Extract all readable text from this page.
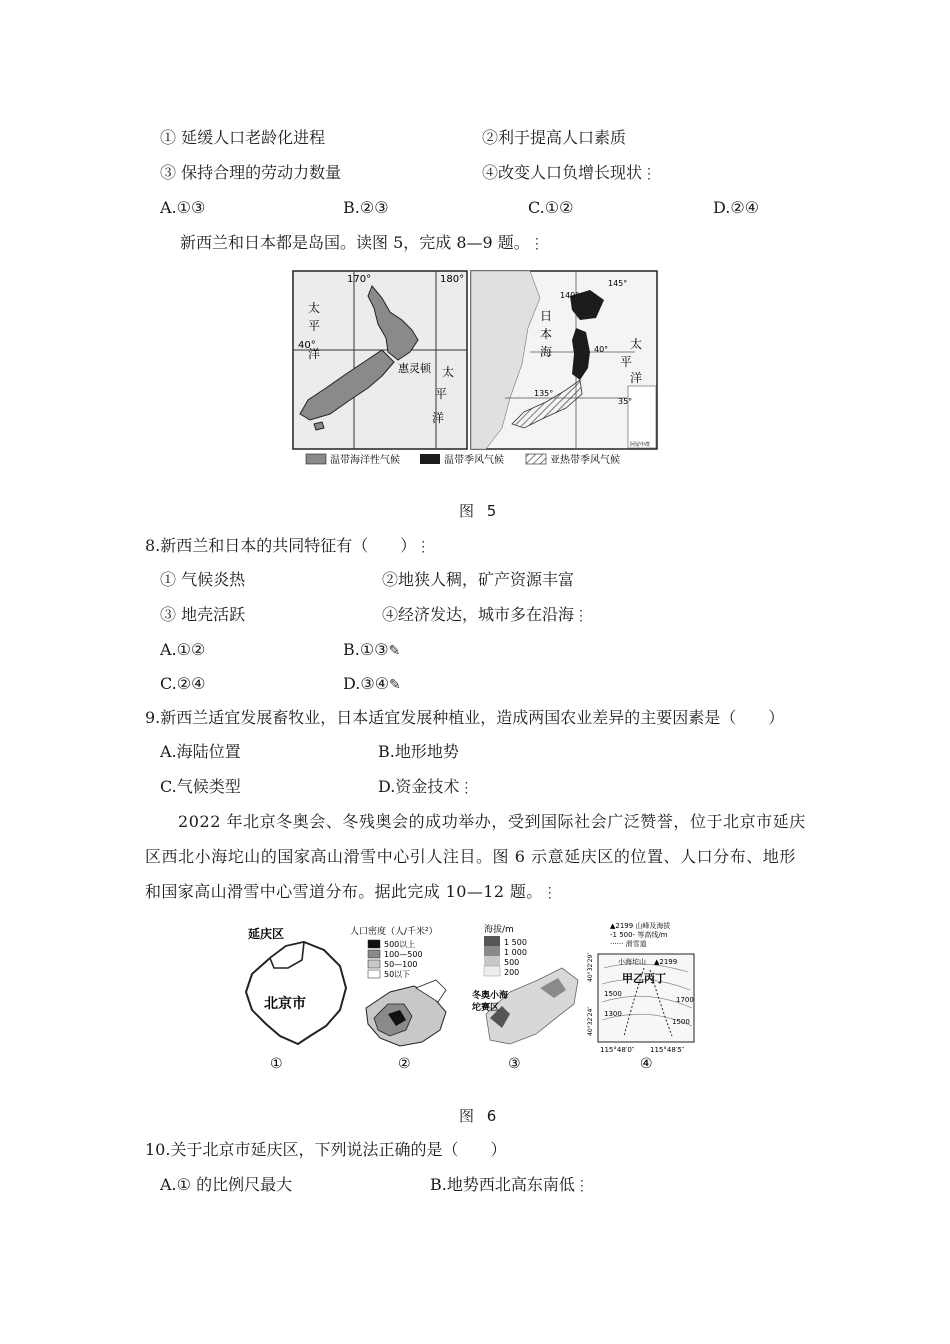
① 延缓人口老龄化进程	②利于提高人口素质
③ 保持合理的劳动力数量	④改变人口负增长现状⋮
A.①③	B.②③	C.①②	D.②④
新西兰和日本都是岛国。读图 5，完成 8—9 题。⋮
170°	180°
40°
太
平
洋
惠灵顿 太
平
洋
145°
140°
40°
135°
35°
日
本
海
太
平
洋
阿留申群
温带海洋性气候	温带季风气候	亚热带季风气候
图 5
8.新西兰和日本的共同特征有（　　）⋮
① 气候炎热	②地狭人稠，矿产资源丰富
③ 地壳活跃	④经济发达，城市多在沿海⋮
A.①②	B.①③✎
C.②④	D.③④✎
9.新西兰适宜发展畜牧业，日本适宜发展种植业，造成两国农业差异的主要因素是（　　）
A.海陆位置	B.地形地势
C.气候类型	D.资金技术⋮
2022 年北京冬奥会、冬残奥会的成功举办，受到国际社会广泛赞誉，位于北京市延庆
区西北小海坨山的国家高山滑雪中心引人注目。图 6 示意延庆区的位置、人口分布、地形
和国家高山滑雪中心雪道分布。据此完成 10—12 题。⋮
延庆区
北京市
①
人口密度（人/千米²）
500以上
100—500
50—100
50以下
②
海拔/m
1 500
1 000
500
200
冬奥小海
坨赛区
③
▲2199 山峰及海拔
-1 500- 等高线/m
······ 滑雪道
小海坨山 ▲2199
甲乙丙丁
1500
1700
1500
1300
40°32′29″
40°32′24″
115°48′0″ 115°48′5″
④
图 6
10.关于北京市延庆区，下列说法正确的是（　　）
A.① 的比例尺最大	B.地势西北高东南低⋮
